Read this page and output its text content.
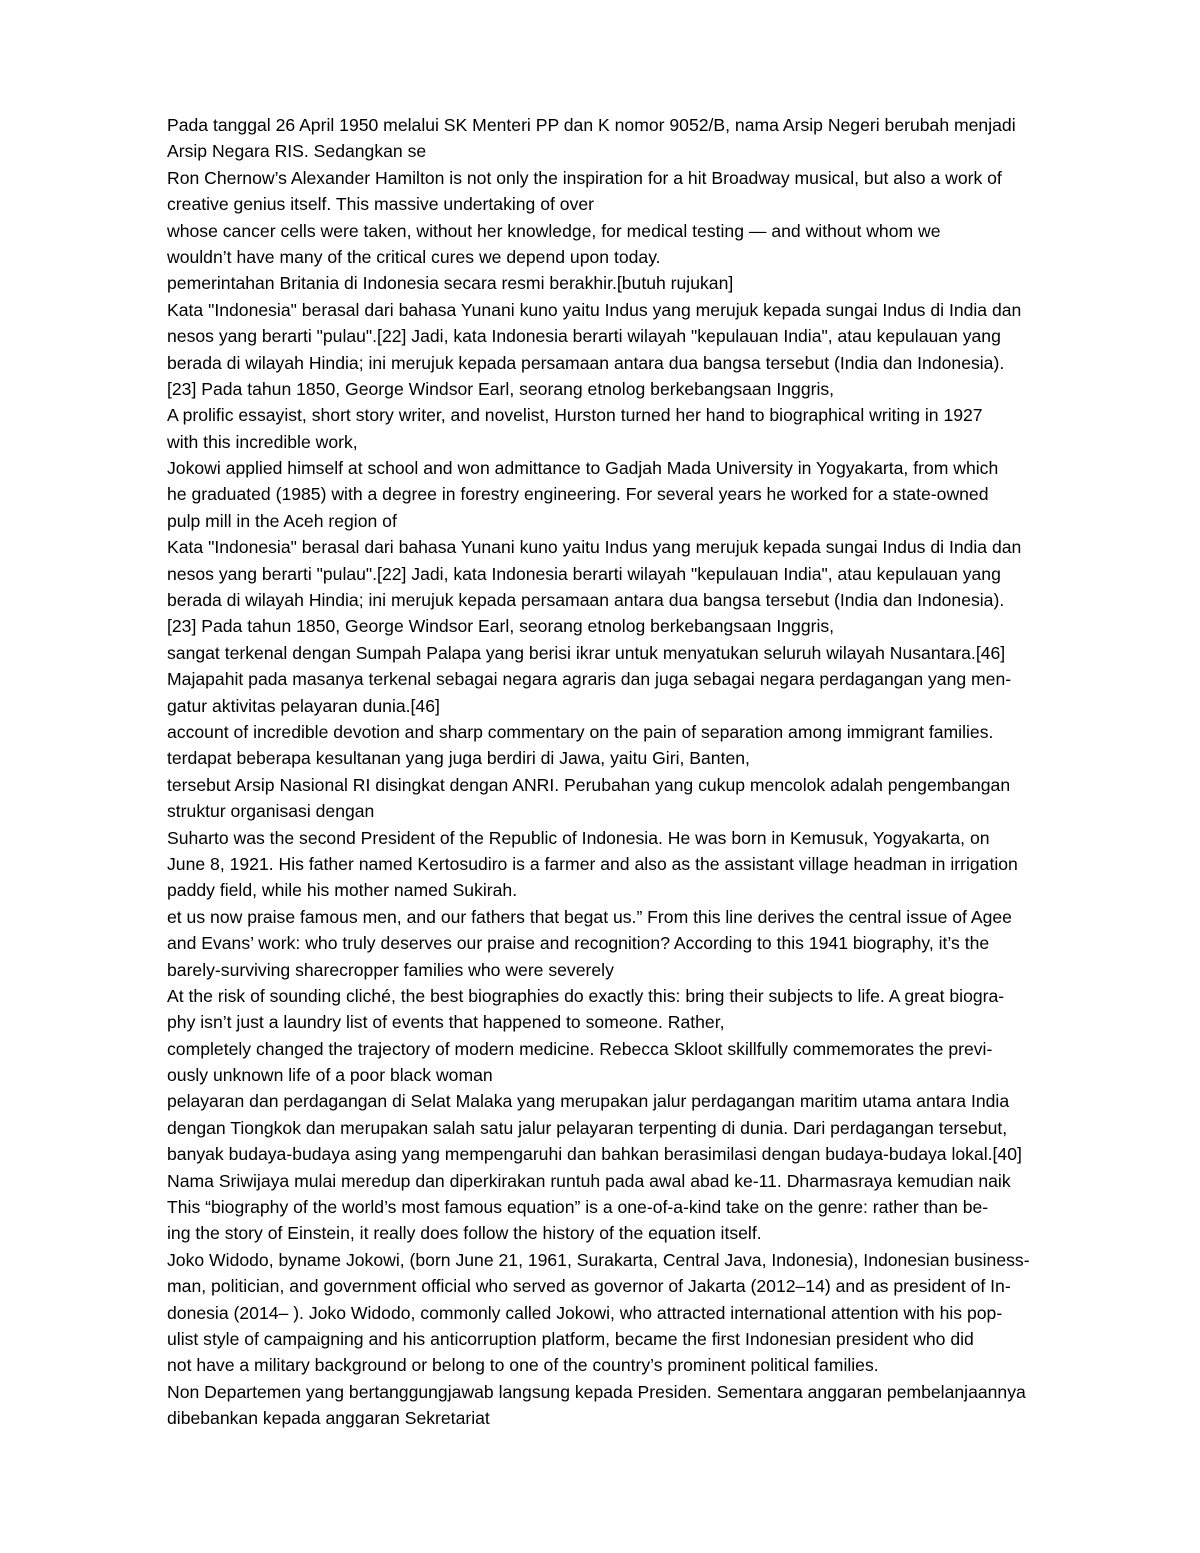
Pada tanggal 26 April 1950 melalui SK Menteri PP dan K nomor 9052/B, nama Arsip Negeri berubah menjadi
Arsip Negara RIS. Sedangkan se
Ron Chernow’s Alexander Hamilton is not only the inspiration for a hit Broadway musical, but also a work of
creative genius itself. This massive undertaking of over
whose cancer cells were taken, without her knowledge, for medical testing — and without whom we
wouldn’t have many of the critical cures we depend upon today.
pemerintahan Britania di Indonesia secara resmi berakhir.[butuh rujukan]
Kata "Indonesia" berasal dari bahasa Yunani kuno yaitu Indus yang merujuk kepada sungai Indus di India dan
nesos yang berarti "pulau".[22] Jadi, kata Indonesia berarti wilayah "kepulauan India", atau kepulauan yang
berada di wilayah Hindia; ini merujuk kepada persamaan antara dua bangsa tersebut (India dan Indonesia).
[23] Pada tahun 1850, George Windsor Earl, seorang etnolog berkebangsaan Inggris,
A prolific essayist, short story writer, and novelist, Hurston turned her hand to biographical writing in 1927
with this incredible work,
Jokowi applied himself at school and won admittance to Gadjah Mada University in Yogyakarta, from which
he graduated (1985) with a degree in forestry engineering. For several years he worked for a state-owned
pulp mill in the Aceh region of
Kata "Indonesia" berasal dari bahasa Yunani kuno yaitu Indus yang merujuk kepada sungai Indus di India dan
nesos yang berarti "pulau".[22] Jadi, kata Indonesia berarti wilayah "kepulauan India", atau kepulauan yang
berada di wilayah Hindia; ini merujuk kepada persamaan antara dua bangsa tersebut (India dan Indonesia).
[23] Pada tahun 1850, George Windsor Earl, seorang etnolog berkebangsaan Inggris,
sangat terkenal dengan Sumpah Palapa yang berisi ikrar untuk menyatukan seluruh wilayah Nusantara.[46]
Majapahit pada masanya terkenal sebagai negara agraris dan juga sebagai negara perdagangan yang men-
gatur aktivitas pelayaran dunia.[46]
account of incredible devotion and sharp commentary on the pain of separation among immigrant families.
terdapat beberapa kesultanan yang juga berdiri di Jawa, yaitu Giri, Banten,
tersebut Arsip Nasional RI disingkat dengan ANRI. Perubahan yang cukup mencolok adalah pengembangan
struktur organisasi dengan
Suharto was the second President of the Republic of Indonesia. He was born in Kemusuk, Yogyakarta, on
June 8, 1921. His father named Kertosudiro is a farmer and also as the assistant village headman in irrigation
paddy field, while his mother named Sukirah.
et us now praise famous men, and our fathers that begat us.” From this line derives the central issue of Agee
and Evans’ work: who truly deserves our praise and recognition? According to this 1941 biography, it’s the
barely-surviving sharecropper families who were severely
At the risk of sounding cliché, the best biographies do exactly this: bring their subjects to life. A great biogra-
phy isn’t just a laundry list of events that happened to someone. Rather,
completely changed the trajectory of modern medicine. Rebecca Skloot skillfully commemorates the previ-
ously unknown life of a poor black woman
pelayaran dan perdagangan di Selat Malaka yang merupakan jalur perdagangan maritim utama antara India
dengan Tiongkok dan merupakan salah satu jalur pelayaran terpenting di dunia. Dari perdagangan tersebut,
banyak budaya-budaya asing yang mempengaruhi dan bahkan berasimilasi dengan budaya-budaya lokal.[40]
Nama Sriwijaya mulai meredup dan diperkirakan runtuh pada awal abad ke-11. Dharmasraya kemudian naik
This “biography of the world’s most famous equation” is a one-of-a-kind take on the genre: rather than be-
ing the story of Einstein, it really does follow the history of the equation itself.
Joko Widodo, byname Jokowi, (born June 21, 1961, Surakarta, Central Java, Indonesia), Indonesian business-
man, politician, and government official who served as governor of Jakarta (2012–14) and as president of In-
donesia (2014– ). Joko Widodo, commonly called Jokowi, who attracted international attention with his pop-
ulist style of campaigning and his anticorruption platform, became the first Indonesian president who did
not have a military background or belong to one of the country’s prominent political families.
Non Departemen yang bertanggungjawab langsung kepada Presiden. Sementara anggaran pembelanjaannya
dibebankan kepada anggaran Sekretariat
